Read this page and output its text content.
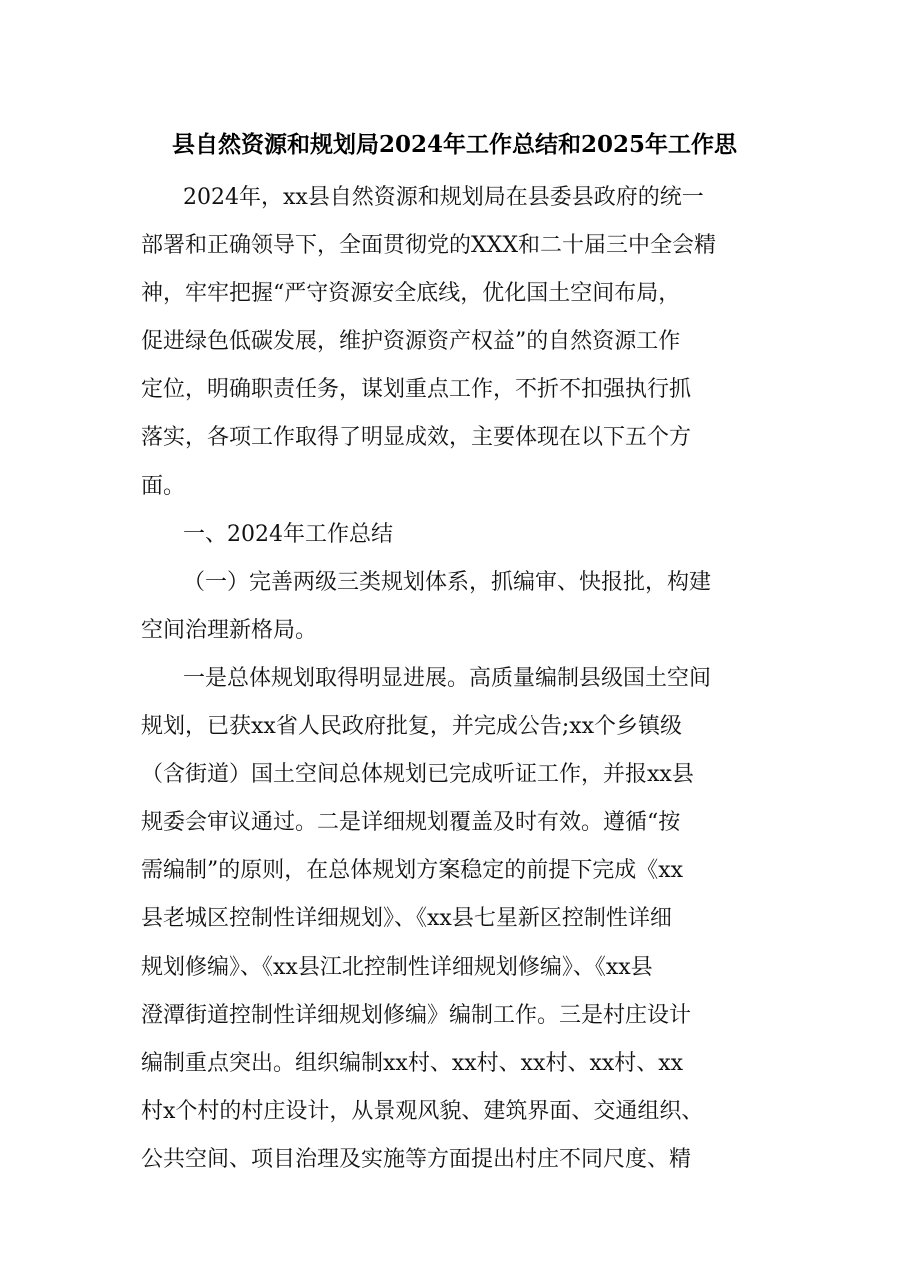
县自然资源和规划局2024年工作总结和2025年工作思
2024年，xx县自然资源和规划局在县委县政府的统一
部署和正确领导下，全面贯彻党的XXX和二十届三中全会精
神，牢牢把握“严守资源安全底线，优化国土空间布局，
促进绿色低碳发展，维护资源资产权益”的自然资源工作
定位，明确职责任务，谋划重点工作，不折不扣强执行抓
落实，各项工作取得了明显成效，主要体现在以下五个方
面。
一、2024年工作总结
（一）完善两级三类规划体系，抓编审、快报批，构建
空间治理新格局。
一是总体规划取得明显进展。高质量编制县级国土空间
规划，已获xx省人民政府批复，并完成公告;xx个乡镇级
（含街道）国土空间总体规划已完成听证工作，并报xx县
规委会审议通过。二是详细规划覆盖及时有效。遵循“按
需编制”的原则，在总体规划方案稳定的前提下完成《xx
县老城区控制性详细规划》、《xx县七星新区控制性详细
规划修编》、《xx县江北控制性详细规划修编》、《xx县
澄潭街道控制性详细规划修编》编制工作。三是村庄设计
编制重点突出。组织编制xx村、xx村、xx村、xx村、xx
村x个村的村庄设计，从景观风貌、建筑界面、交通组织、
公共空间、项目治理及实施等方面提出村庄不同尺度、精
